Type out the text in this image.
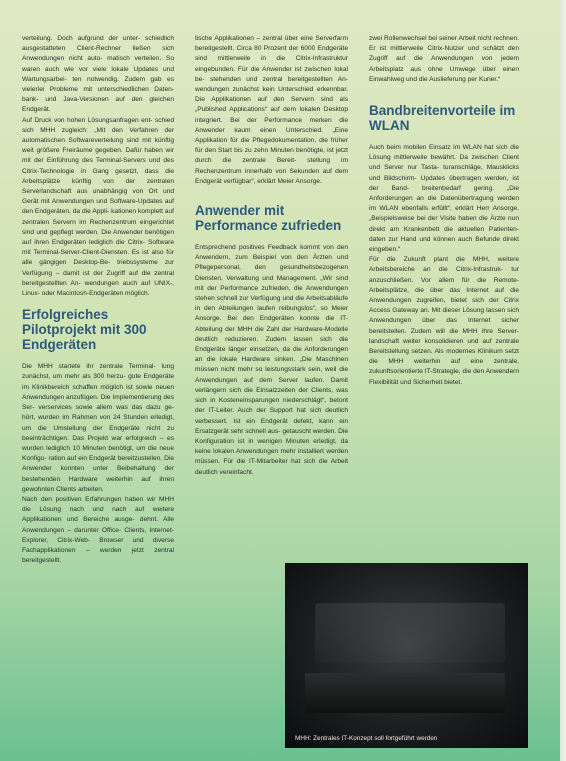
verteilung. Doch aufgrund der unter- schiedlich ausgestatteten Client-Rechner ließen sich Anwendungen nicht auto- matisch verteilen. So waren auch wie vor viele lokale Updates und Wartungsarbei- ten notwendig. Zudem gab es vielerlei Probleme mit unterschiedlichen Daten- bank- und Java-Versionen auf den gleichen Endgerät.

Auf Druck von hohen Lösungsanfragen ent- schied sich MHH zugleich: „Mit den Verfahren der automatischen Softwareverteilung sind mit künftig weit größere Freiräume gegeben. Dafür haben wir mit der Einführung des Terminal-Servers und des Citrix-Technologie in Gang gesetzt, dass die Arbeitsplätze künftig von der zentralen Serverlandschaft aus unabhängig von Ort und Gerät mit Anwendungen und Software-Updates auf den Endgeräten, da die Appli- kationen komplett auf zentralen Servern im Rechenzentrum eingerichtet sind und gepflegt werden. Die Anwender benötigen auf ihren Endgeräten lediglich die Citrix- Software mit Terminal-Server-Client-Diensten. Es ist also für alle gängigen Desktop-Be- triebssysteme zur Verfügung – damit ist der Zugriff auf die zentral bereitgestellten An- wendungen auch auf UNIX-, Linux- oder Macintosh-Endgeräten möglich.

Erfolgreiches Pilotprojekt mit 300 Endgeräten

Die MHH startete ihr zentrale Terminal- lung zunächst, um mehr als 300 herzu- gute Endgeräte im Klinikbereich schaffen möglich ist sowie neuen Anwendungen anzufügen. Die Implementierung des Ser- verservices sowie allem was das dazu ge- hört, wurden im Rahmen von 24 Stunden erledigt, um die Umstellung der Endgeräte nicht zu beeinträchtigen. Das Projekt war erfolgreich – es wurden lediglich 10 Minuten benötigt, um die neue Konfigu- ration auf ein Endgerät bereitzustellen. Die Anwender konnten unter Beibehaltung der bestehenden Hardware weiterhin auf ihren gewohnten Clients arbeiten.

Nach den positiven Erfahrungen haben wir MHH die Lösung nach und nach auf weitere Applikationen und Bereiche ausge- dehnt. Alle Anwendungen – darunter Office- Clients, Internet-Explorer, Citrix-Web- Browser und diverse Fachapplikationen – werden jetzt zentral bereitgestellt.

tische Applikationen – zentral über eine Serverfarm bereitgestellt. Circa 80 Prozent der 6000 Endgeräte sind mittlerweile in die Citrix-Infrastruktur eingebunden. Für die Anwender ist zwischen lokal be- stehenden und zentral bereitgestellten An- wendungen zunächst kein Unterschied erkennbar. Die Applikationen auf den Servern sind als „Published Applications“ auf dem lokalen Desktop integriert. Bei der Performance merken die Anwender kaum einen Unterschied. „Eine Applikation für die Pflegedokumentation, die früher für den Start bis zu zehn Minuten benötigte, ist jetzt durch die zentrale Bereit- stellung im Rechenzentrum innerhalb von Sekunden auf dem Endgerät verfügbar“, erklärt Meier Ansorge.

Anwender mit Performance zufrieden

Entsprechend positives Feedback kommt von den Anwendern, zum Beispiel von den Ärzten und Pflegepersonal, den gesundheitsbezogenen Diensten, Verwaltung und Management. „Wir sind mit der Performance zufrieden, die Anwendungen stehen schnell zur Verfügung und die Arbeitsabläufe in den Abteilungen laufen reibungslos“, so Meier Ansorge. Bei den Endgeräten konnte die IT-Abteilung der MHH die Zahl der Hardware-Modelle deutlich reduzieren. Zudem lassen sich die Endgeräte länger einsetzen, da die Anforderungen an die lokale Hardware sinken. „Die Maschinen müssen nicht mehr so leistungsstark sein, weil die Anwendungen auf dem Server laufen. Damit verlängern sich die Einsatzzeiten der Clients, was sich in Kosteneinsparungen niederschlägt“, betont der IT-Leiter. Auch der Support hat sich deutlich verbessert. Ist ein Endgerät defekt, kann ein Ersatzgerät sehr schnell aus- getauscht werden. Die Konfiguration ist in wenigen Minuten erledigt, da keine lokalen Anwendungen mehr installiert werden müssen. Für die IT-Mitarbeiter hat sich die Arbeit deutlich vereinfacht.

zwei Rollenwechsel bei seiner Arbeit nicht rechnen. Er ist mittlerweile Citrix-Nutzer und schätzt den Zugriff auf die Anwendungen von jedem Arbeitsplatz aus ohne Umwege über einen Einwahlweg und die Auslieferung per Kurier.“

Bandbreitenvorteile im WLAN

Auch beim mobilen Einsatz im WLAN hat sich die Lösung mittlerweile bewährt. Da zwischen Client und Server nur Tasta- turanschläge, Mausklicks und Bildschirm- Updates übertragen werden, ist der Band- breitenbedarf gering. „Die Anforderungen an die Datenübertragung werden im WLAN ebenfalls erfüllt“, erklärt Herr Ansorge. „Beispielsweise bei der Visite haben die Ärzte nun direkt am Krankenbett die aktuellen Patienten- daten zur Hand und können auch Befunde direkt eingeben.“

Für die Zukunft plant die MHH, weitere Arbeitsbereiche an die Citrix-Infrastruk- tur anzuschließen. Vor allem für die Remote- Arbeitsplätze, die über das Internet auf die Anwendungen zugreifen, bietet sich der Citrix Access Gateway an. Mit dieser Lösung lassen sich Anwendungen über das Internet sicher bereitstellen. Zudem will die MHH ihre Server- landschaft weiter konsolidieren und auf zentrale Bereitstellung setzen. Als modernes Klinikum setzt die MHH weiterhin auf eine zentrale, zukunftsorientierte IT-Strategie, die den Anwendern Flexibilität und Sicherheit bietet.

MHH: Zentrales IT-Konzept soll fortgeführt werden
